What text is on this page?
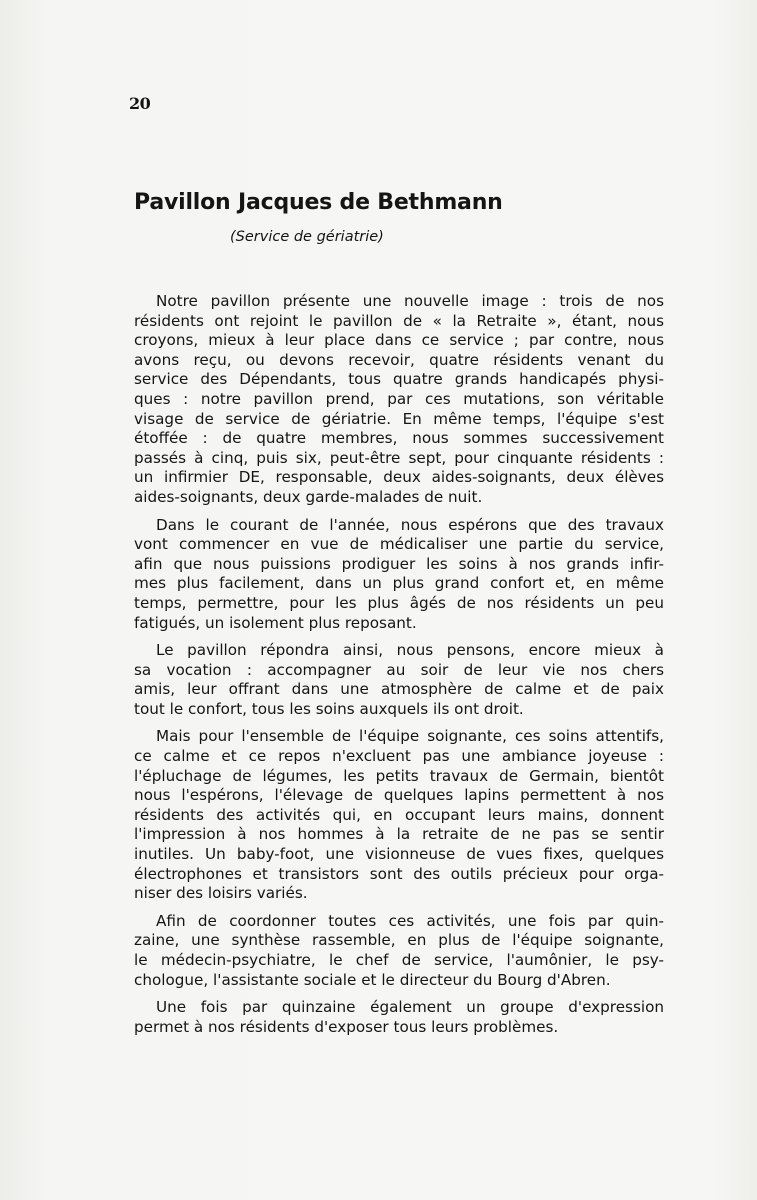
20
Pavillon Jacques de Bethmann
(Service de gériatrie)

Notre pavillon présente une nouvelle image : trois de nos
résidents ont rejoint le pavillon de « la Retraite », étant, nous
croyons, mieux à leur place dans ce service ; par contre, nous
avons reçu, ou devons recevoir, quatre résidents venant du
service des Dépendants, tous quatre grands handicapés physi-
ques : notre pavillon prend, par ces mutations, son véritable
visage de service de gériatrie. En même temps, l'équipe s'est
étoffée : de quatre membres, nous sommes successivement
passés à cinq, puis six, peut-être sept, pour cinquante résidents :
un infirmier DE, responsable, deux aides-soignants, deux élèves
aides-soignants, deux garde-malades de nuit.

Dans le courant de l'année, nous espérons que des travaux
vont commencer en vue de médicaliser une partie du service,
afin que nous puissions prodiguer les soins à nos grands infir-
mes plus facilement, dans un plus grand confort et, en même
temps, permettre, pour les plus âgés de nos résidents un peu
fatigués, un isolement plus reposant.

Le pavillon répondra ainsi, nous pensons, encore mieux à
sa vocation : accompagner au soir de leur vie nos chers
amis, leur offrant dans une atmosphère de calme et de paix
tout le confort, tous les soins auxquels ils ont droit.

Mais pour l'ensemble de l'équipe soignante, ces soins attentifs,
ce calme et ce repos n'excluent pas une ambiance joyeuse :
l'épluchage de légumes, les petits travaux de Germain, bientôt
nous l'espérons, l'élevage de quelques lapins permettent à nos
résidents des activités qui, en occupant leurs mains, donnent
l'impression à nos hommes à la retraite de ne pas se sentir
inutiles. Un baby-foot, une visionneuse de vues fixes, quelques
électrophones et transistors sont des outils précieux pour orga-
niser des loisirs variés.

Afin de coordonner toutes ces activités, une fois par quin-
zaine, une synthèse rassemble, en plus de l'équipe soignante,
le médecin-psychiatre, le chef de service, l'aumônier, le psy-
chologue, l'assistante sociale et le directeur du Bourg d'Abren.

Une fois par quinzaine également un groupe d'expression
permet à nos résidents d'exposer tous leurs problèmes.
